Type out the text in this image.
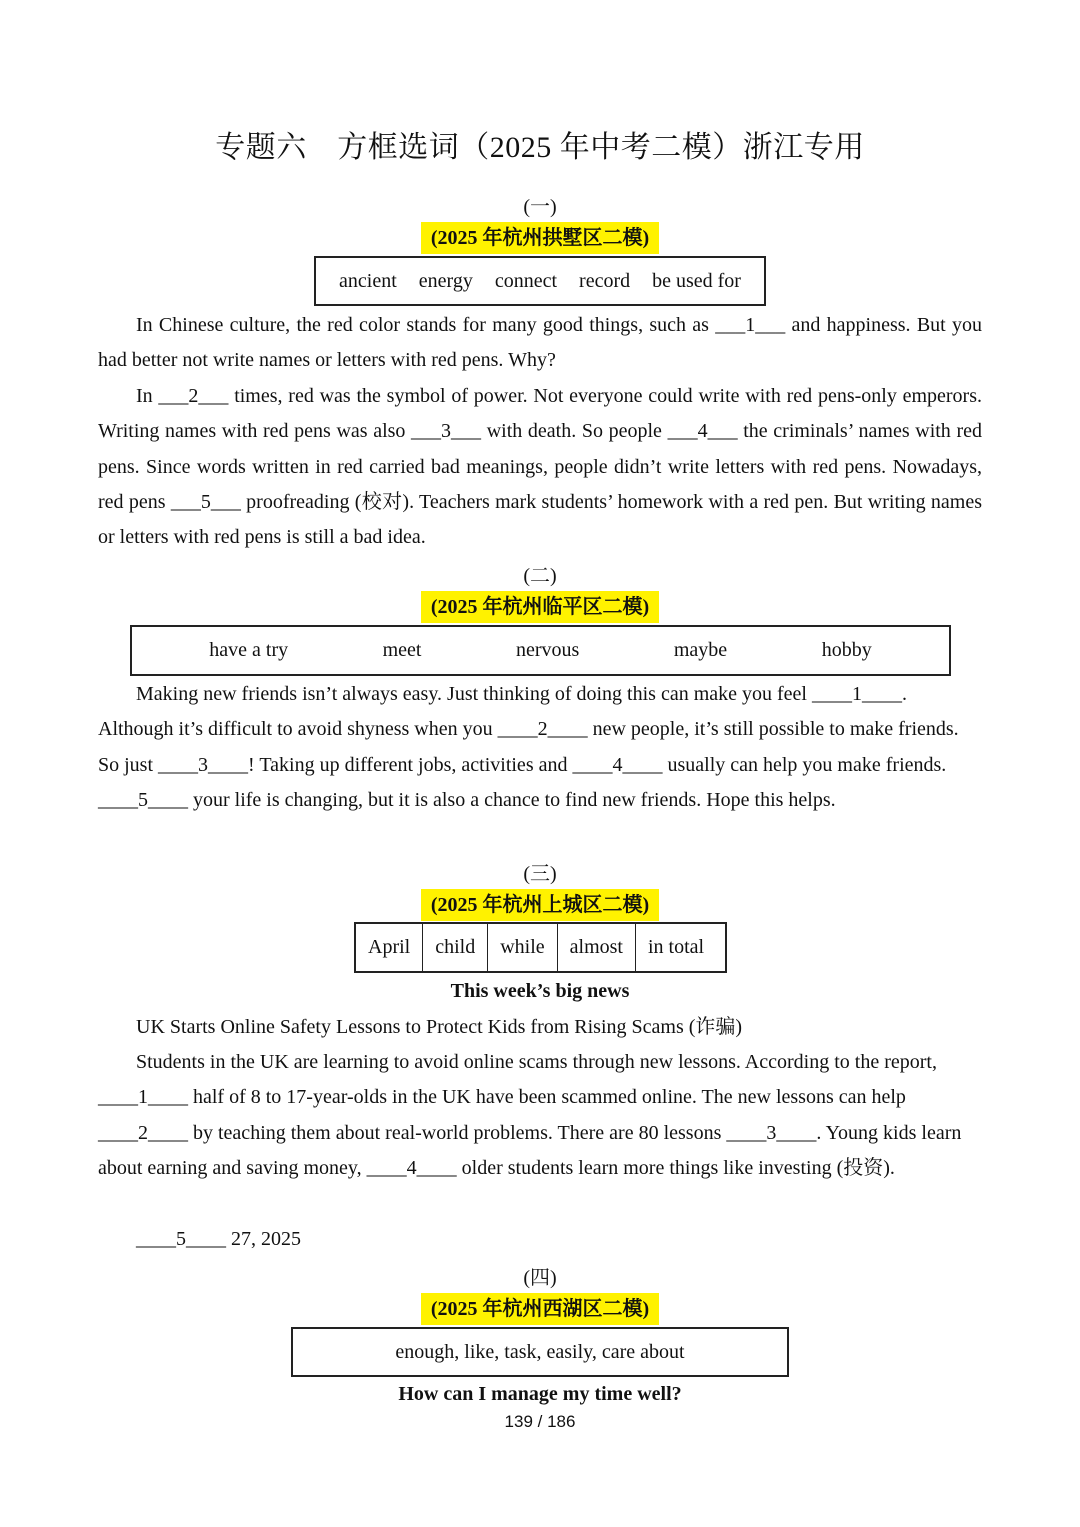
专题六　方框选词（2025 年中考二模）浙江专用
(一)
(2025 年杭州拱墅区二模)
ancient energy connect record be used for

In Chinese culture, the red color stands for many good things, such as ___1___ and happiness. But you had better not write names or letters with red pens. Why?

In ___2___ times, red was the symbol of power. Not everyone could write with red pens-only emperors. Writing names with red pens was also ___3___ with death. So people ___4___ the criminals’ names with red pens. Since words written in red carried bad meanings, people didn’t write letters with red pens. Nowadays, red pens ___5___ proofreading (校对). Teachers mark students’ homework with a red pen. But writing names or letters with red pens is still a bad idea.

(二)
(2025 年杭州临平区二模)
have a try	meet	nervous	maybe	hobby

Making new friends isn’t always easy. Just thinking of doing this can make you feel ____1____. Although it’s difficult to avoid shyness when you ____2____ new people, it’s still possible to make friends. So just ____3____! Taking up different jobs, activities and ____4____ usually can help you make friends. ____5____ your life is changing, but it is also a chance to find new friends. Hope this helps.

(三)
(2025 年杭州上城区二模)
April	child	while	almost	in total
This week’s big news

UK Starts Online Safety Lessons to Protect Kids from Rising Scams (诈骗)

Students in the UK are learning to avoid online scams through new lessons. According to the report, ____1____ half of 8 to 17-year-olds in the UK have been scammed online. The new lessons can help ____2____ by teaching them about real-world problems. There are 80 lessons ____3____. Young kids learn about earning and saving money, ____4____ older students learn more things like investing (投资).

____5____ 27, 2025

(四)
(2025 年杭州西湖区二模)
enough, like, task, easily, care about
How can I manage my time well?
139 / 186
